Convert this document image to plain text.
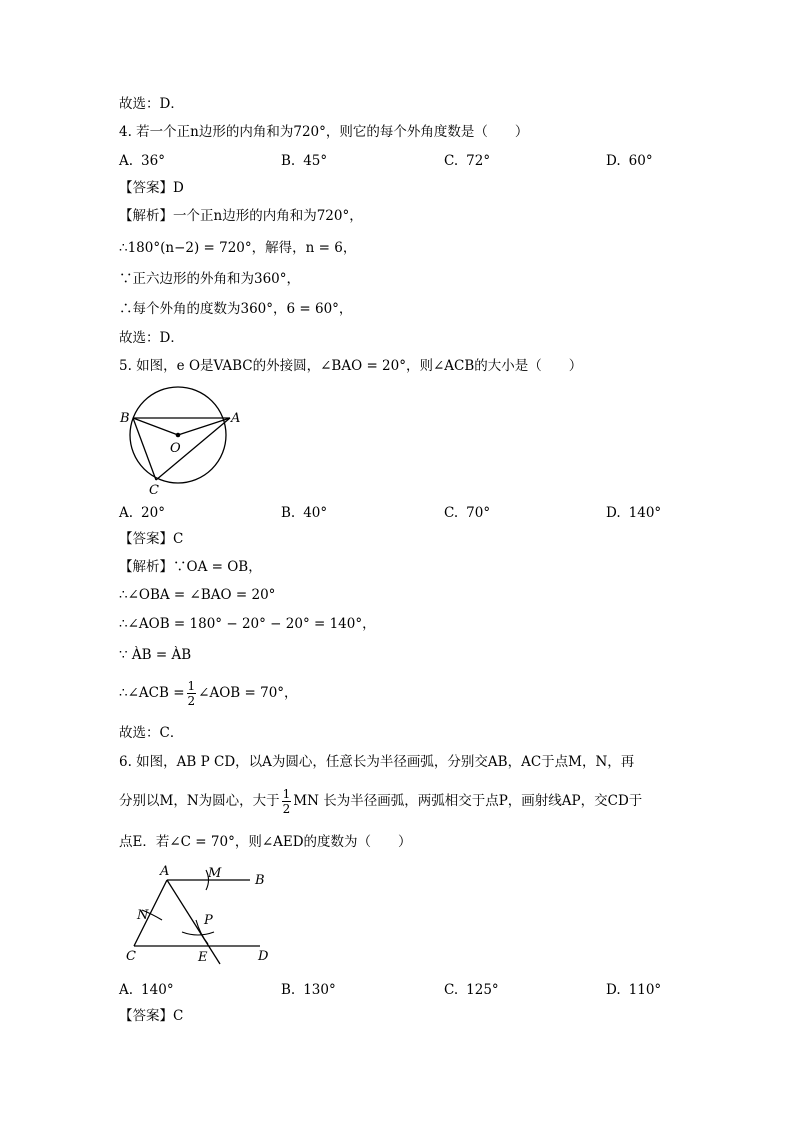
故选：D．
4. 若一个正n边形的内角和为720°，则它的每个外角度数是（　　）
A. 36°	B. 45°	C. 72°	D. 60°
【答案】D
【解析】一个正n边形的内角和为720°，
∴180°(n−2) = 720°，解得，n = 6，
∵正六边形的外角和为360°，
∴每个外角的度数为360°，6 = 60°，
故选：D．
5. 如图，e O是VABC的外接圆，∠BAO = 20°，则∠ACB的大小是（　　）
B	A
O
C
A. 20°	B. 40°	C. 70°	D. 140°
【答案】C
【解析】∵OA = OB，
∴∠OBA = ∠BAO = 20°
∴∠AOB = 180° − 20° − 20° = 140°，
∵ ÀB = ÀB
∴∠ACB = $\frac{1}{2}$ ∠AOB = 70°，
故选：C．
6. 如图，AB P CD，以A为圆心，任意长为半径画弧，分别交AB，AC于点M，N，再
分别以M，N为圆心，大于 $\frac{1}{2}$ MN 长为半径画弧，两弧相交于点P，画射线AP，交CD于
点E．若∠C = 70°，则∠AED的度数为（　　）
A	M	B
N	P
C	E	D
A. 140°	B. 130°	C. 125°	D. 110°
【答案】C
